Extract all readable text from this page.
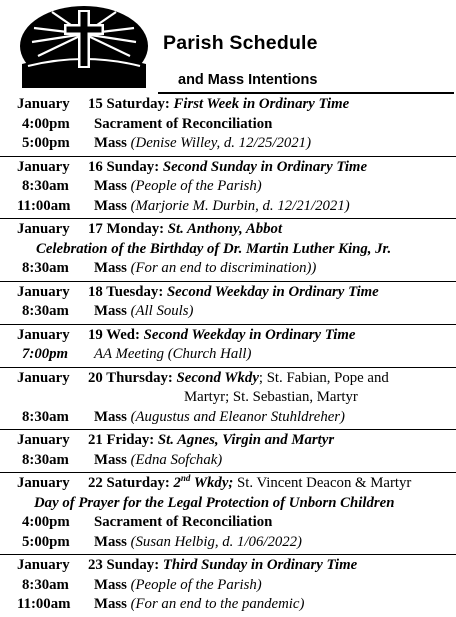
Parish Schedule
and Mass Intentions
January 15 Saturday: First Week in Ordinary Time
4:00pm Sacrament of Reconciliation
5:00pm Mass (Denise Willey, d. 12/25/2021)
January 16 Sunday: Second Sunday in Ordinary Time
8:30am Mass (People of the Parish)
11:00am Mass (Marjorie M. Durbin, d. 12/21/2021)
January 17 Monday: St. Anthony, Abbot
Celebration of the Birthday of Dr. Martin Luther King, Jr.
8:30am Mass (For an end to discrimination))
January 18 Tuesday: Second Weekday in Ordinary Time
8:30am Mass (All Souls)
January 19 Wed: Second Weekday in Ordinary Time
7:00pm AA Meeting (Church Hall)
January 20 Thursday: Second Wkdy; St. Fabian, Pope and
Martyr; St. Sebastian, Martyr
8:30am Mass (Augustus and Eleanor Stuhldreher)
January 21 Friday: St. Agnes, Virgin and Martyr
8:30am Mass (Edna Sofchak)
January 22 Saturday: 2nd Wkdy; St. Vincent Deacon & Martyr
Day of Prayer for the Legal Protection of Unborn Children
4:00pm Sacrament of Reconciliation
5:00pm Mass (Susan Helbig, d. 1/06/2022)
January 23 Sunday: Third Sunday in Ordinary Time
8:30am Mass (People of the Parish)
11:00am Mass (For an end to the pandemic)
